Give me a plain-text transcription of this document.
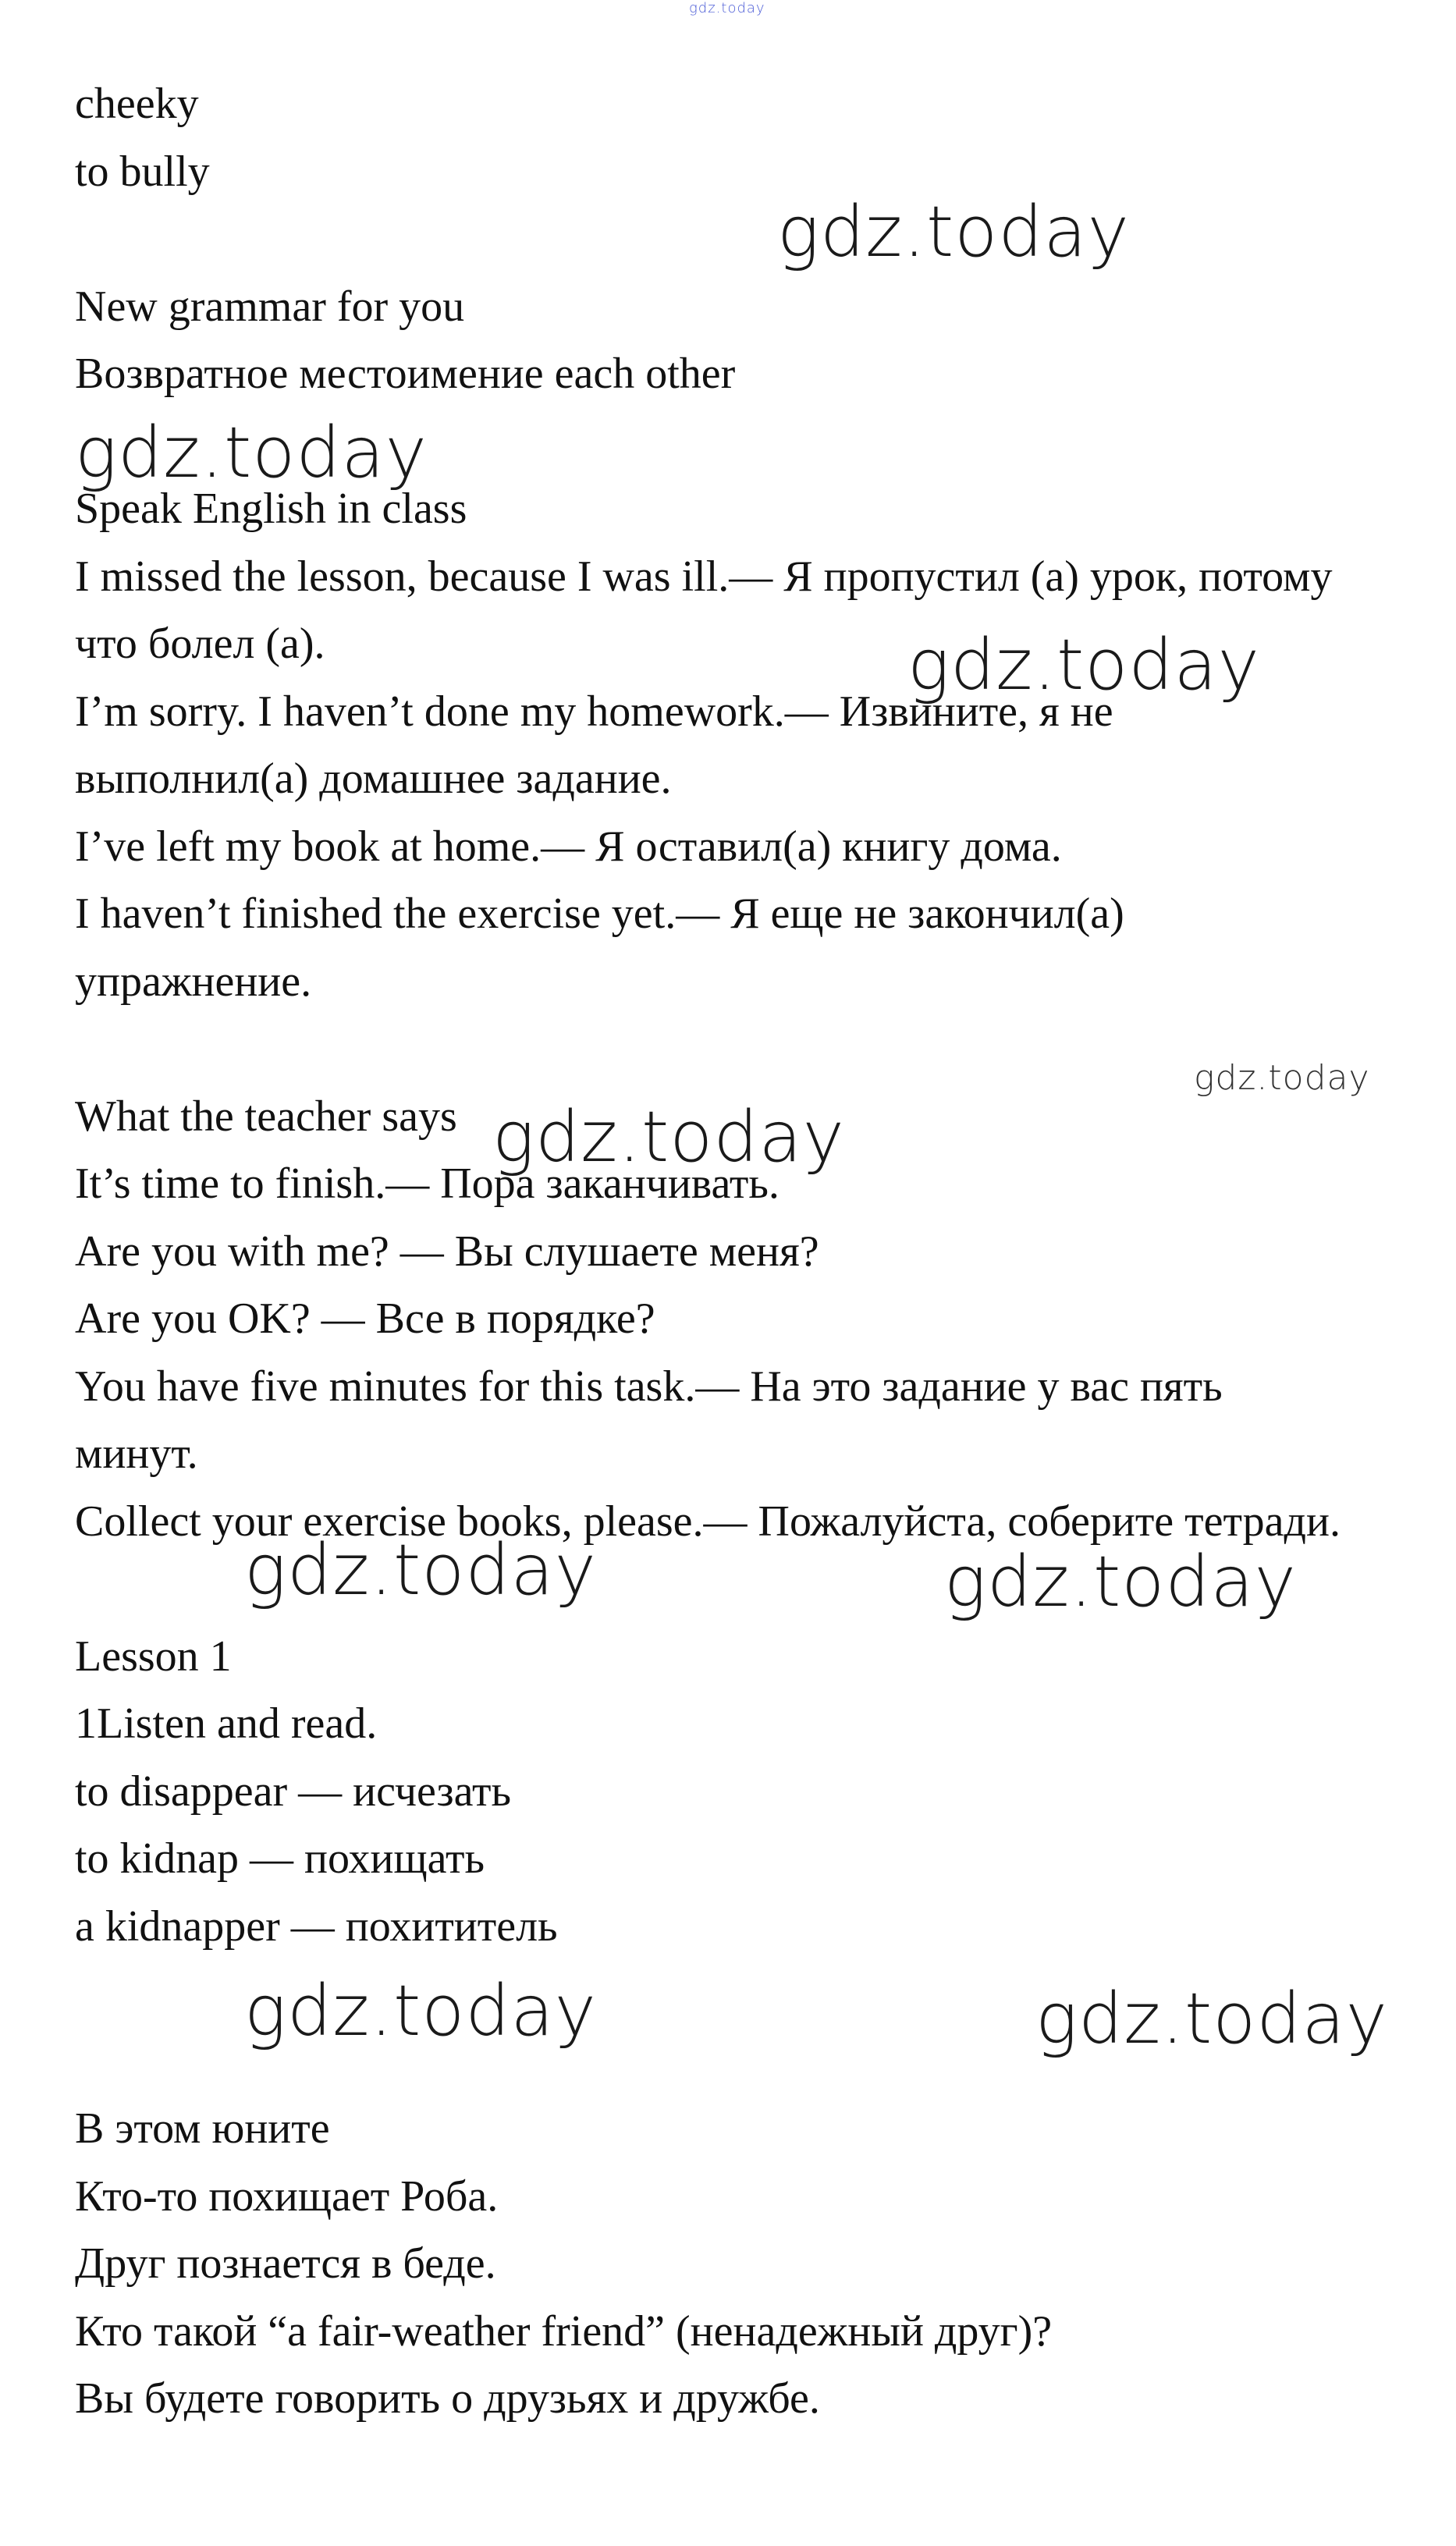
gdz.today
cheeky
to bully
New grammar for you
Возвратное местоимение each other
Speak English in class
I missed the lesson, because I was ill.— Я пропустил (а) урок, потому
что болел (а).
I’m sorry. I haven’t done my homework.— Извините, я не
выполнил(а) домашнее задание.
I’ve left my book at home.— Я оставил(а) книгу дома.
I haven’t finished the exercise yet.— Я еще не закончил(а)
упражнение.
What the teacher says
It’s time to finish.— Пора заканчивать.
Are you with me? — Вы слушаете меня?
Are you OK? — Все в порядке?
You have five minutes for this task.— На это задание у вас пять
минут.
Collect your exercise books, please.— Пожалуйста, соберите тетради.
Lesson 1
1Listen and read.
to disappear — исчезать
to kidnap — похищать
a kidnapper — похититель
В этом юните
Кто-то похищает Роба.
Друг познается в беде.
Кто такой “a fair-weather friend” (ненадежный друг)?
Вы будете говорить о друзьях и дружбе.
gdz.today
gdz.today
gdz.today
gdz.today
gdz.today
gdz.today	gdz.today
gdz.today	gdz.today
